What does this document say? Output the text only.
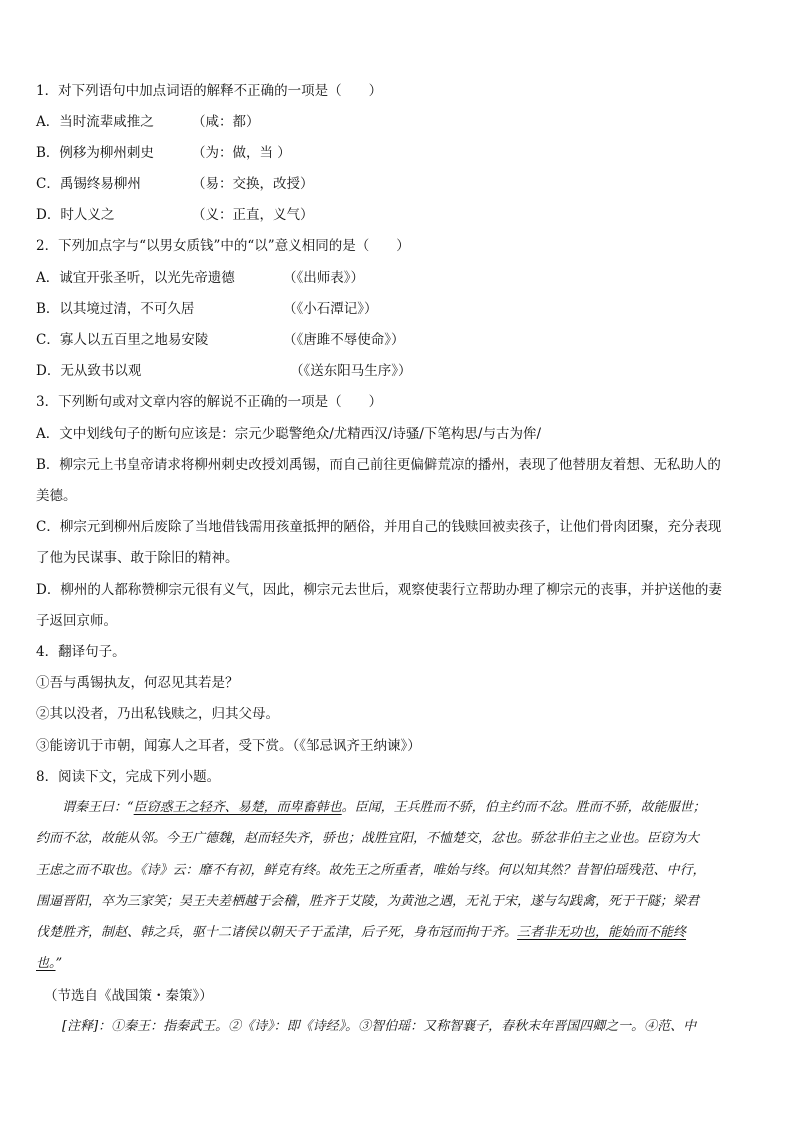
1．对下列语句中加点词语的解释不正确的一项是（　　）
A．当时流辈咸推之	（咸：都）
B．例移为柳州刺史	（为：做，当 ）
C．禹锡终易柳州	（易：交换，改授）
D．时人义之	（义：正直，义气）
2．下列加点字与“以男女质钱”中的“以”意义相同的是（　　）
A．诚宜开张圣听，以光先帝遗德	（《出师表》）
B．以其境过清，不可久居	（《小石潭记》）
C．寡人以五百里之地易安陵	（《唐雎不辱使命》）
D．无从致书以观	（《送东阳马生序》）
3．下列断句或对文章内容的解说不正确的一项是（　　）
A．文中划线句子的断句应该是：宗元少聪警绝众/尤精西汉/诗骚/下笔构思/与古为侔/
B．柳宗元上书皇帝请求将柳州刺史改授刘禹锡，而自己前往更偏僻荒凉的播州，表现了他替朋友着想、无私助人的
美德。
C．柳宗元到柳州后废除了当地借钱需用孩童抵押的陋俗，并用自己的钱赎回被卖孩子，让他们骨肉团聚，充分表现
了他为民谋事、敢于除旧的精神。
D．柳州的人都称赞柳宗元很有义气，因此，柳宗元去世后，观察使裴行立帮助办理了柳宗元的丧事，并护送他的妻
子返回京师。
4．翻译句子。
①吾与禹锡执友，何忍见其若是？
②其以没者，乃出私钱赎之，归其父母。
③能谤讥于市朝，闻寡人之耳者，受下赏。（《邹忌讽齐王纳谏》）
8．阅读下文，完成下列小题。
谓秦王曰：“臣窃惑王之轻齐、易楚，而卑畜韩也。臣闻，王兵胜而不骄，伯主约而不忿。胜而不骄，故能服世；
约而不忿，故能从邻。今王广德魏，赵而轻失齐，骄也；战胜宜阳，不恤楚交，忿也。骄忿非伯主之业也。臣窃为大
王虑之而不取也。《诗》云：靡不有初，鲜克有终。故先王之所重者，唯始与终。何以知其然？昔智伯瑶残范、中行，
围逼晋阳，卒为三家笑；吴王夫差栖越于会稽，胜齐于艾陵，为黄池之遇，无礼于宋，遂与勾践禽，死于干隧；梁君
伐楚胜齐，制赵、韩之兵，驱十二诸侯以朝天子于孟津，后子死，身布冠而拘于齐。三者非无功也，能始而不能终
也。”
（节选自《战国策・秦策》）
[注释]：①秦王：指秦武王。②《诗》：即《诗经》。③智伯瑶：又称智襄子，春秋末年晋国四卿之一。④范、中
